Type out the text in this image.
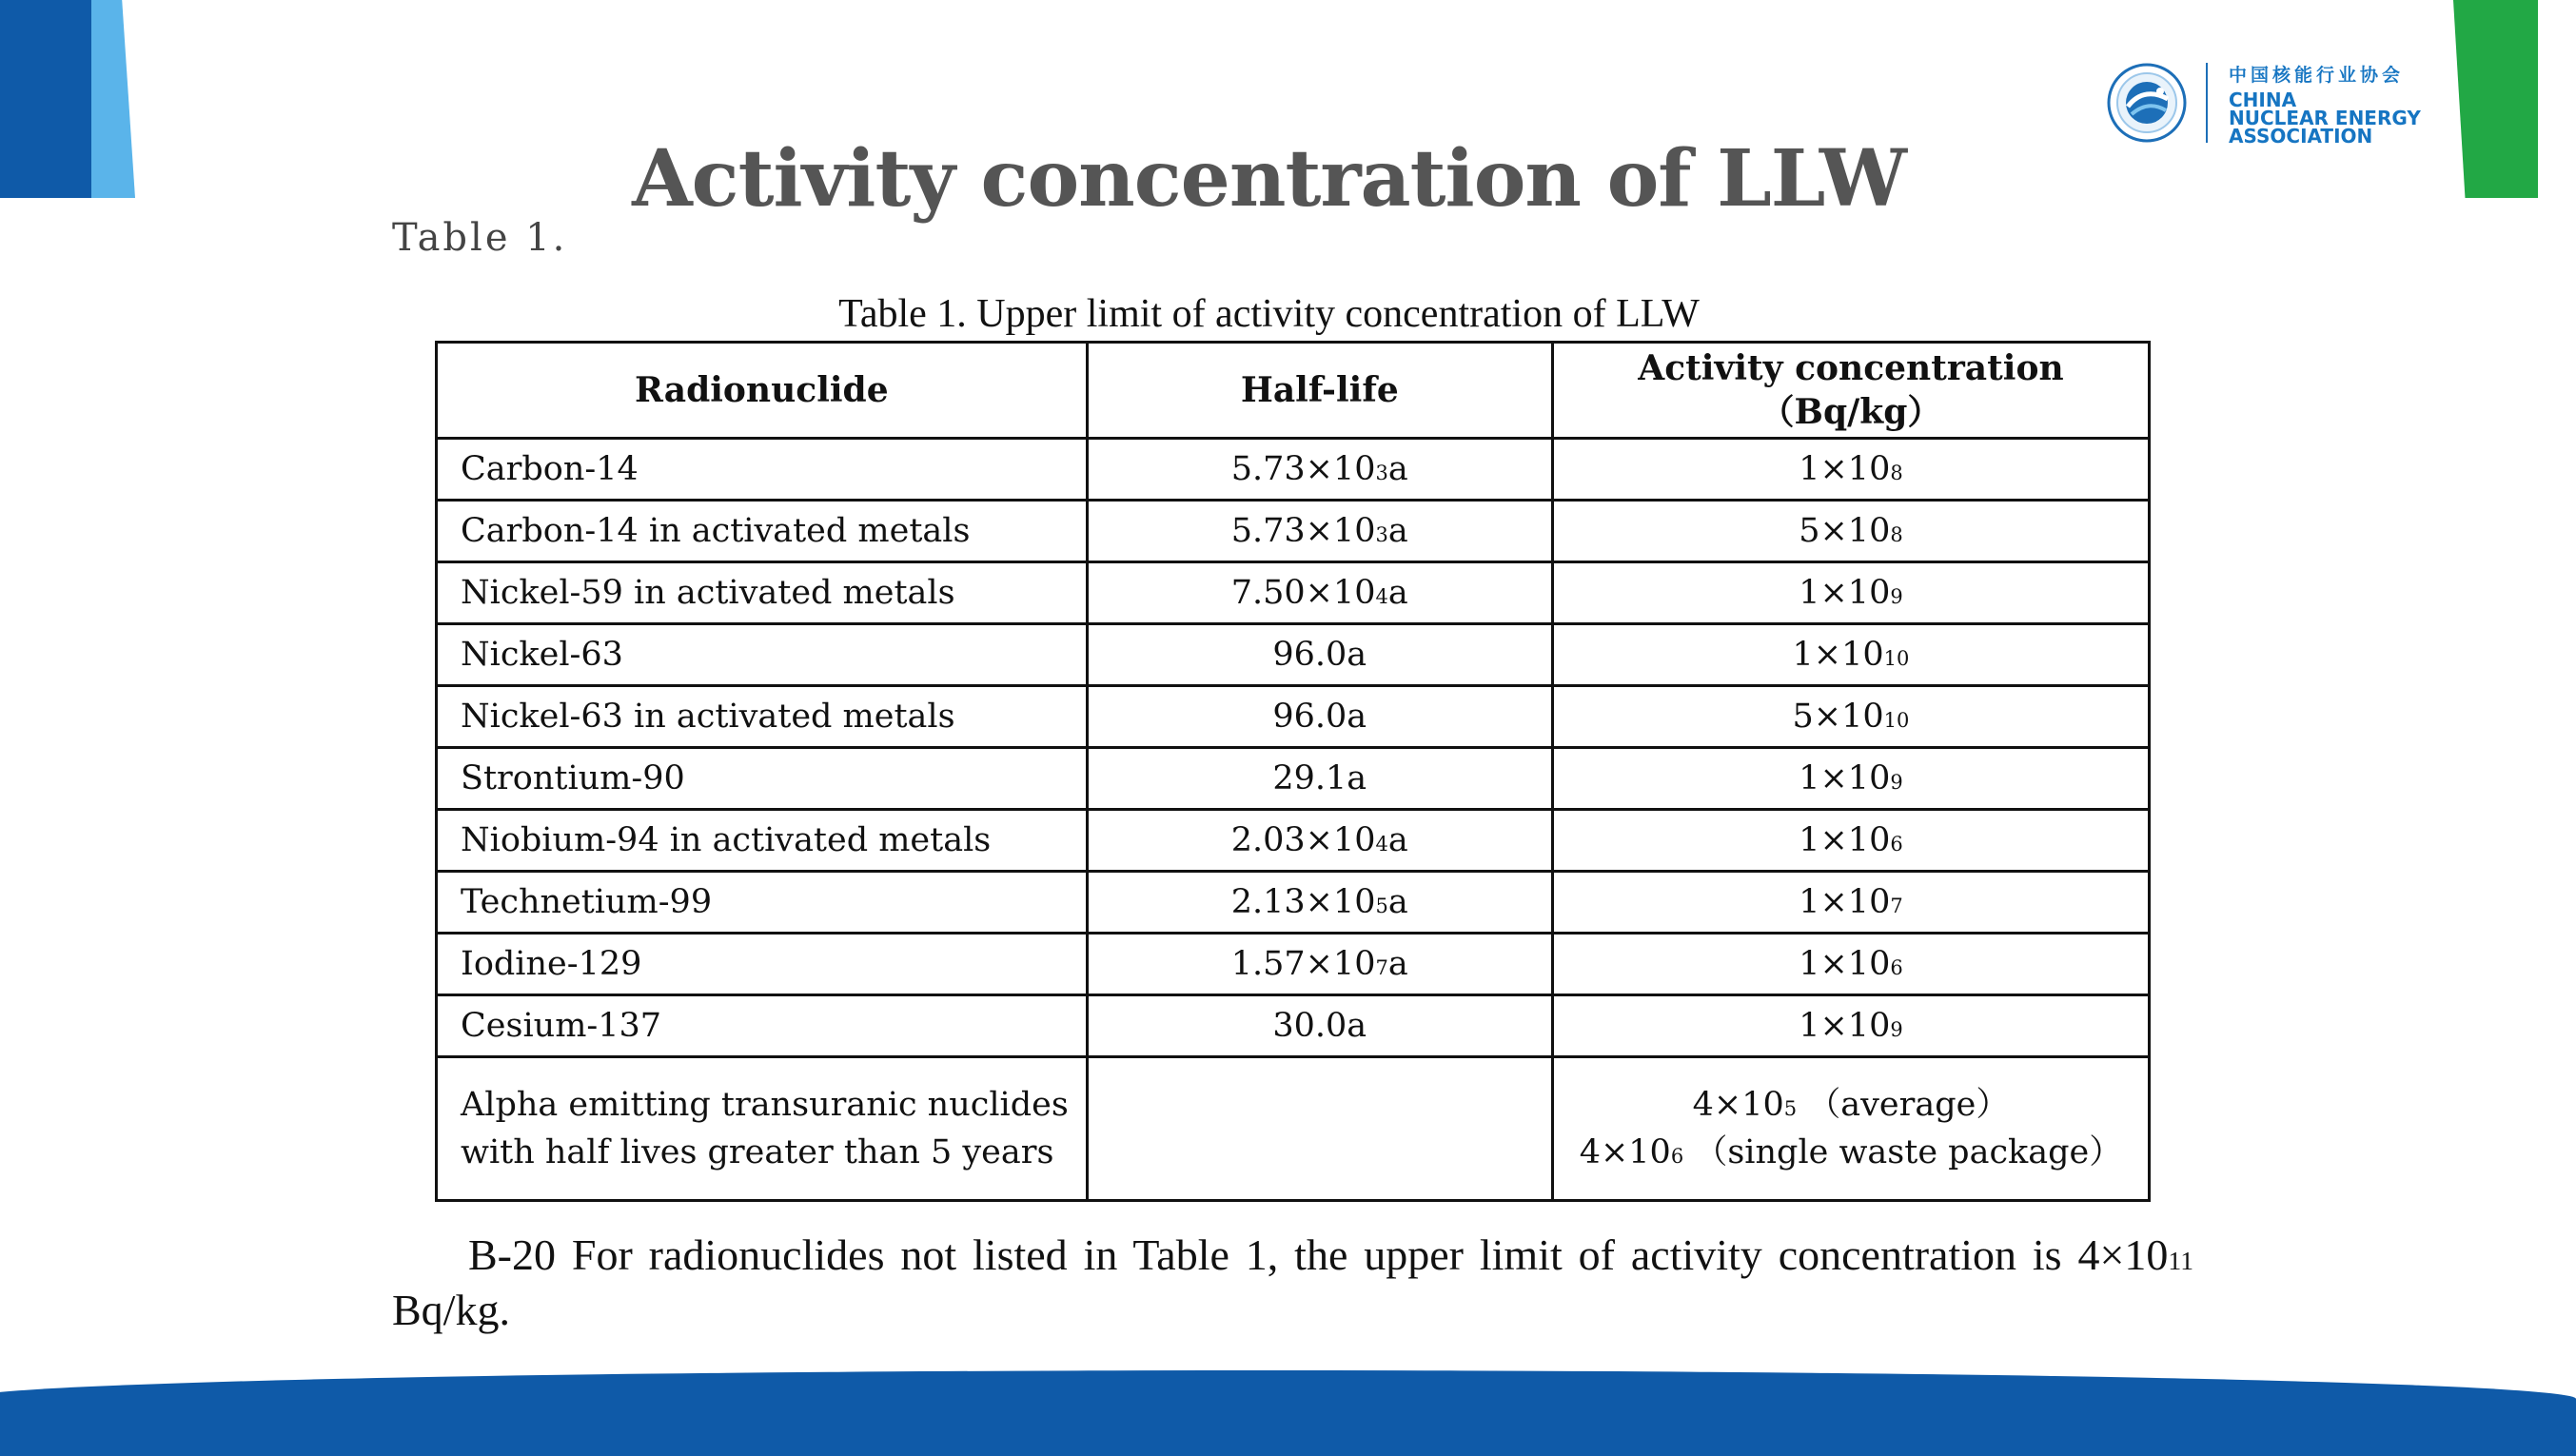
中国核能行业协会
CHINA
NUCLEAR ENERGY
ASSOCIATION
Activity concentration of LLW
Table 1.
Table 1. Upper limit of activity concentration of LLW
Radionuclide	Half-life	Activity concentration
（Bq/kg）
Carbon-14	$5.73\times 10^3a$	$1\times 10^8$
Carbon-14 in activated metals	$5.73\times 10^3a$	$5\times 10^8$
Nickel-59 in activated metals	$7.50\times 10^4a$	$1\times 10^9$
Nickel-63	96.0a	$1\times 10^{10}$
Nickel-63 in activated metals	96.0a	$5\times 10^{10}$
Strontium-90	29.1a	$1\times 10^9$
Niobium-94 in activated metals	$2.03\times 10^4a$	$1\times 10^6$
Technetium-99	$2.13\times 10^5a$	$1\times 10^7$
Iodine-129	$1.57\times 10^7a$	$1\times 10^6$
Cesium-137	30.0a	$1\times 10^9$
Alpha emitting transuranic nuclides with half lives greater than 5 years		$4\times 10^5$ （average）
$4\times 10^6$ （single waste package）
B-20 For radionuclides not listed in Table 1, the upper limit of activity concentration is $4\times 10^{11}$ Bq/kg.
